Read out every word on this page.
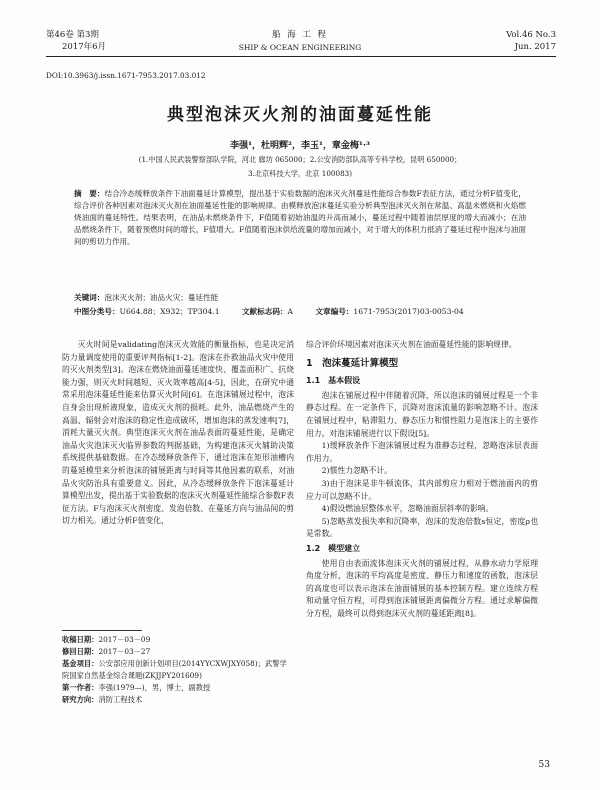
第46卷 第3期
2017年6月
船 海 工 程
SHIP & OCEAN ENGINEERING
Vol.46 No.3
Jun. 2017
DOI:10.3963/j.issn.1671-7953.2017.03.012
典型泡沫灭火剂的油面蔓延性能
李强¹，杜明辉²，李玉¹，章金梅¹·³
(1.中国人民武装警察部队学院，河北 廊坊 065000；2.公安消防部队高等专科学校，昆明 650000；
3.北京科技大学，北京 100083)
摘　要：结合冷态缓释放条件下油面蔓延计算模型，提出基于实验数据的泡沫灭火剂蔓延性能综合参数F表征方法，通过分析F值变化，综合评价各种因素对泡沫灭火剂在油面蔓延性能的影响规律。由模释放泡沫蔓延实验分析典型泡沫灭火剂在常温、高温未燃烧和火焰燃烧油面的蔓延特性。结果表明，在油品未燃烧条件下，F值随着初始油温的升高而减小，蔓延过程中随着油层厚度的增大而减小；在油品燃烧条件下，随着预燃时间的增长，F值增大。F值随着泡沫供给流量的增加而减小，对于增大的体积力抵消了蔓延过程中泡沫与油面间的剪切力作用。
关键词：泡沫灭火剂；油品火灾；蔓延性能
中图分类号：U664.88；X932；TP304.1	文献标志码：A	文章编号：1671-7953(2017)03-0053-04

灭火时间是validating泡沫灭火效能的衡量指标，也是决定消防力量调度使用的重要评判指标[1-2]。泡沫在扑救油品火灾中使用的灭火剂类型[3]。泡沫在燃烧油面蔓延速度快、覆盖面积广、抗烧能力强，则灭火时间越短、灭火效率越高[4-5]，因此，在研究中通常采用泡沫蔓延性能来估算灭火时间[6]。在泡沫铺展过程中，泡沫自身会出现析液现象，造成灭火剂的损耗。此外，油品燃烧产生的高温、辐射会对泡沫的稳定性造成破坏，增加泡沫的蒸发速率[7]，消耗大量灭火剂。典型泡沫灭火剂在油品表面的蔓延性能，是确定油品火灾泡沫灭火临界参数的判据基础，为构建泡沫灭火辅助决策系统提供基础数据。在冷态缓释放条件下，通过泡沫在矩形油槽内的蔓延模型来分析泡沫的铺展距离与时间等其他因素的联系，对油品火灾防治具有重要意义。因此，从冷态缓释放条件下泡沫蔓延计算模型出发，提出基于实验数据的泡沫灭火剂蔓延性能综合参数F表征方法。F与泡沫灭火剂密度、发泡倍数、在蔓延方向与油品间的剪切力相关。通过分析F值变化，

收稿日期：2017－03－09
修回日期：2017－03－27
基金项目：公安部应用创新计划项目(2014YYCXWJXY058)；武警学院国家自然基金综合课题(ZKJJPY201609)
第一作者：李强(1979—)，男，博士，副教授
研究方向：消防工程技术

综合评价环境因素对泡沫灭火剂在油面蔓延性能的影响规律。

1　泡沫蔓延计算模型
1.1　基本假设

泡沫在铺展过程中伴随着沉降，所以泡沫的铺展过程是一个非静态过程。在一定条件下，沉降对泡沫流量的影响忽略不计。泡沫在铺展过程中，粘滞阻力、静态压力和惯性阻力是泡沫上的主要作用力。对泡沫铺展进行以下假设[5]。

1)缓释放条件下泡沫铺展过程为准静态过程，忽略泡沫层表面作用力。

2)惯性力忽略不计。

3)由于泡沫是非牛顿流体，其内部剪应力相对于燃油面内的剪应力可以忽略不计。

4)假设燃油层整体水平，忽略油面层斜率的影响。

5)忽略蒸发损失率和沉降率，泡沫的发泡倍数s恒定，密度ρ也是常数。

1.2　模型建立

使用自由表面流体泡沫灭火剂的铺展过程，从静水动力学原理角度分析，泡沫的平均高度是密度、静压力和速度的函数，泡沫层的高度也可以表示泡沫在油面铺展的基本控制方程。建立连续方程和动量守恒方程，可得到泡沫铺展距离偏微分方程。通过求解偏微分方程，最终可以得到泡沫灭火剂的蔓延距离[8]。

53
